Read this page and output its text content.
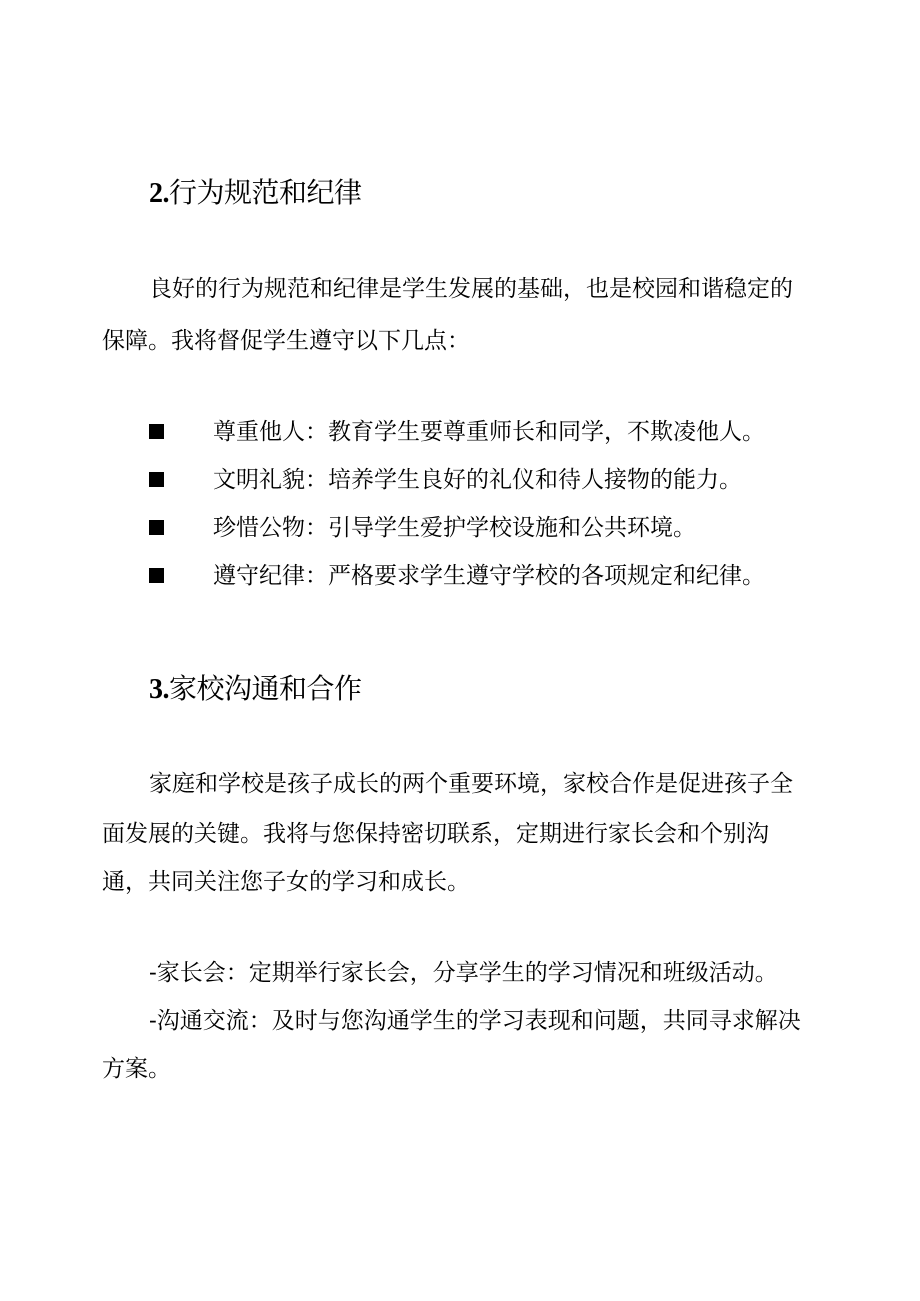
2.行为规范和纪律

良好的行为规范和纪律是学生发展的基础，也是校园和谐稳定的

保障。我将督促学生遵守以下几点：

尊重他人：教育学生要尊重师长和同学，不欺凌他人。
文明礼貌：培养学生良好的礼仪和待人接物的能力。
珍惜公物：引导学生爱护学校设施和公共环境。
遵守纪律：严格要求学生遵守学校的各项规定和纪律。
3.家校沟通和合作

家庭和学校是孩子成长的两个重要环境，家校合作是促进孩子全

面发展的关键。我将与您保持密切联系，定期进行家长会和个别沟

通，共同关注您子女的学习和成长。

-家长会：定期举行家长会，分享学生的学习情况和班级活动。

-沟通交流：及时与您沟通学生的学习表现和问题，共同寻求解决

方案。
